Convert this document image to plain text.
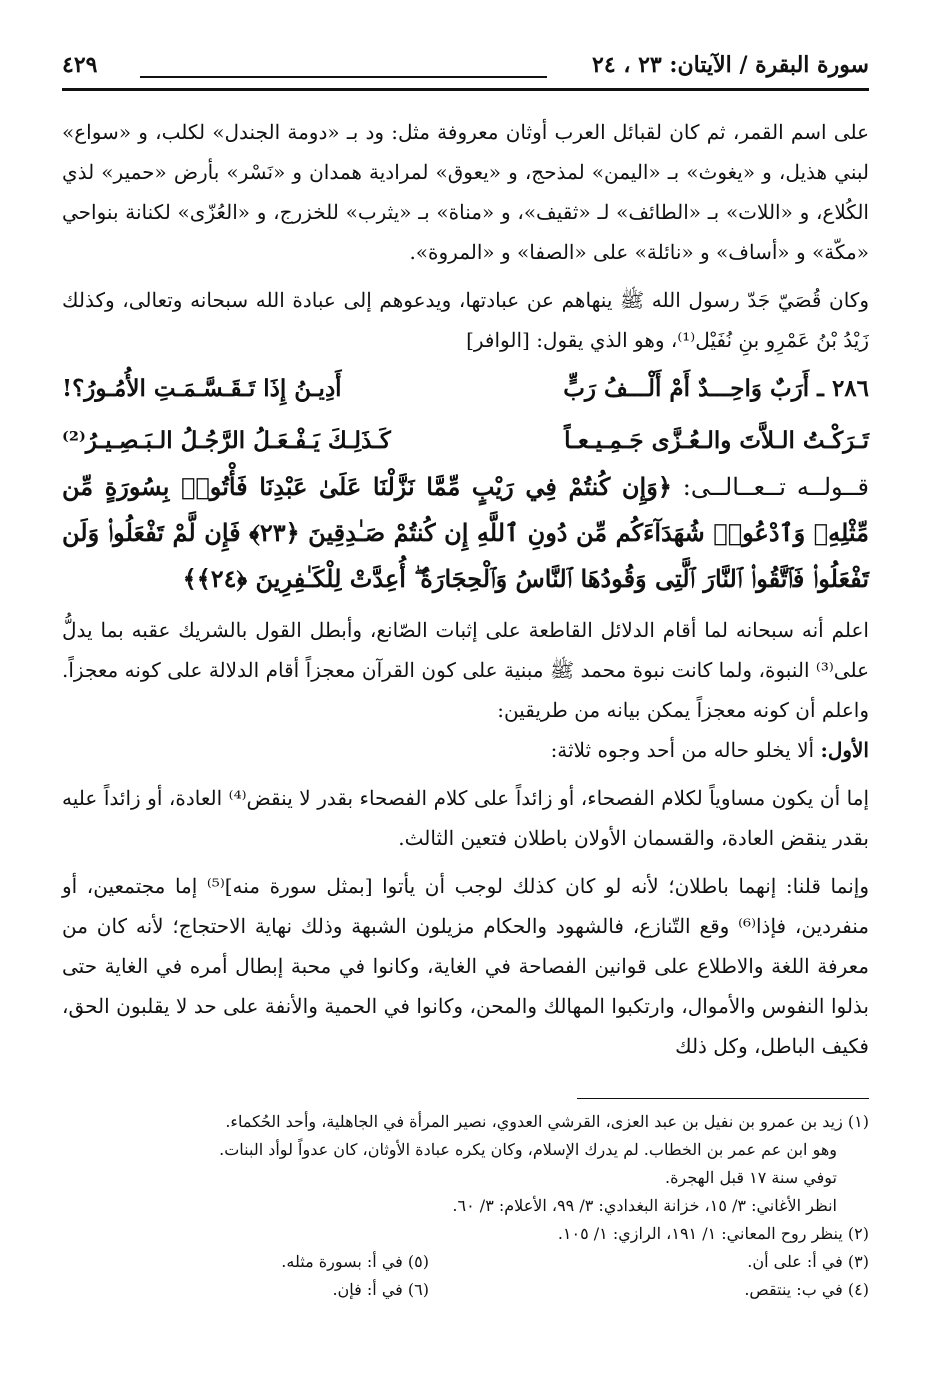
سورة البقرة / الآيتان: ٢٣ ، ٢٤
٤٢٩

على اسم القمر، ثم كان لقبائل العرب أوثان معروفة مثل: ود بـ «دومة الجندل» لكلب، و «سواع» لبني هذيل، و «يغوث» بـ «اليمن» لمذحج، و «يعوق» لمرادية همدان و «نَسْر» بأرض «حمير» لذي الكُلاع، و «اللات» بـ «الطائف» لـ «ثقيف»، و «مناة» بـ «يثرب» للخزرج، و «العُزّى» لكنانة بنواحي «مكّة» و «أساف» و «نائلة» على «الصفا» و «المروة».

وكان قُصَيّ جَدّ رسول الله ﷺ ينهاهم عن عبادتها، ويدعوهم إلى عبادة الله سبحانه وتعالى، وكذلك زَيْدُ بْنُ عَمْرِو بنِ نُفَيْل⁽¹⁾، وهو الذي يقول: [الوافر]

٢٨٦ ـ أَرَبٌ وَاحِـــدٌ أَمْ أَلْـــفُ رَبٍّ
أَدِيـنُ إِذَا تَـقَـسَّـمَـتِ الأُمُـورُ؟!
تَـرَكْـتُ الـلاَّتَ والـعُـزَّى جَـمِـيـعـاً
كَـذَلِـكَ يَـفْـعَـلُ الرَّجُـلُ الـبَـصِـيـرُ⁽²⁾

قــولــه تــعــالــى: ﴿وَإِن كُنتُمْ فِي رَيْبٍ مِّمَّا نَزَّلْنَا عَلَىٰ عَبْدِنَا فَأْتُوا۟ بِسُورَةٍ مِّن مِّثْلِهِۦ وَٱدْعُوا۟ شُهَدَآءَكُم مِّن دُونِ ٱللَّهِ إِن كُنتُمْ صَـٰدِقِينَ ﴿٢٣﴾ فَإِن لَّمْ تَفْعَلُوا۟ وَلَن تَفْعَلُوا۟ فَٱتَّقُوا۟ ٱلنَّارَ ٱلَّتِى وَقُودُهَا ٱلنَّاسُ وَٱلْحِجَارَةُ ۖ أُعِدَّتْ لِلْكَـٰفِرِينَ ﴿٢٤﴾﴾

اعلم أنه سبحانه لما أقام الدلائل القاطعة على إثبات الصّانع، وأبطل القول بالشريك عقبه بما يدلُّ على⁽³⁾ النبوة، ولما كانت نبوة محمد ﷺ مبنية على كون القرآن معجزاً أقام الدلالة على كونه معجزاً. واعلم أن كونه معجزاً يمكن بيانه من طريقين:

الأول: ألا يخلو حاله من أحد وجوه ثلاثة:

إما أن يكون مساوياً لكلام الفصحاء، أو زائداً على كلام الفصحاء بقدر لا ينقض⁽⁴⁾ العادة، أو زائداً عليه بقدر ينقض العادة، والقسمان الأولان باطلان فتعين الثالث.

وإنما قلنا: إنهما باطلان؛ لأنه لو كان كذلك لوجب أن يأتوا [بمثل سورة منه]⁽⁵⁾ إما مجتمعين، أو منفردين، فإذا⁽⁶⁾ وقع التّنازع، فالشهود والحكام مزيلون الشبهة وذلك نهاية الاحتجاج؛ لأنه كان من معرفة اللغة والاطلاع على قوانين الفصاحة في الغاية، وكانوا في محبة إبطال أمره في الغاية حتى بذلوا النفوس والأموال، وارتكبوا المهالك والمحن، وكانوا في الحمية والأنفة على حد لا يقلبون الحق، فكيف الباطل، وكل ذلك

(١) زيد بن عمرو بن نفيل بن عبد العزى، القرشي العدوي، نصير المرأة في الجاهلية، وأحد الحُكماء.

وهو ابن عم عمر بن الخطاب. لم يدرك الإسلام، وكان يكره عبادة الأوثان، كان عدواً لوأد البنات.

توفي سنة ١٧ قبل الهجرة.

انظر الأغاني: ٣/ ١٥، خزانة البغدادي: ٣/ ٩٩، الأعلام: ٣/ ٦٠.

(٢) ينظر روح المعاني: ١/ ١٩١، الرازي: ١/ ١٠٥.

(٣) في أ: على أن.
(٥) في أ: بسورة مثله.
(٤) في ب: ينتقص.
(٦) في أ: فإن.
